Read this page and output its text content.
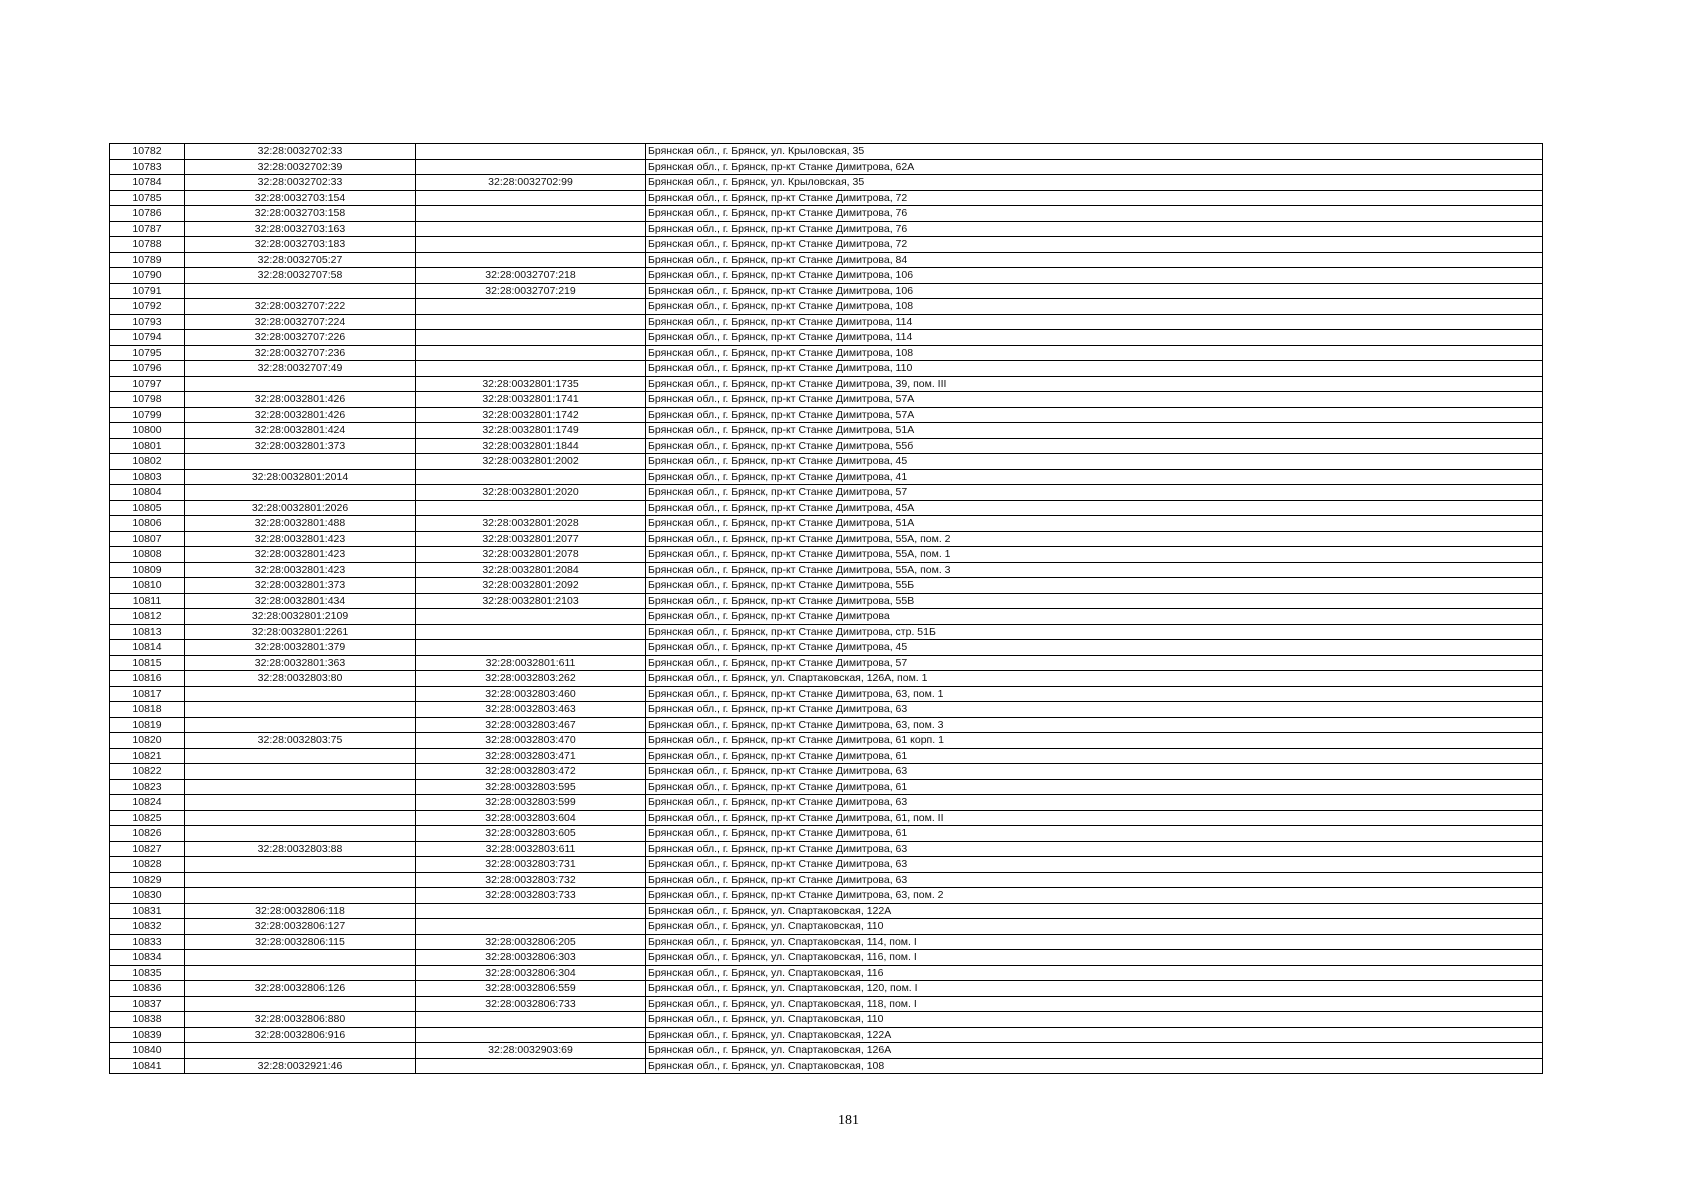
10782	32:28:0032702:33		Брянская обл., г. Брянск, ул. Крыловская, 35
10783	32:28:0032702:39		Брянская обл., г. Брянск, пр-кт Станке Димитрова, 62А
10784	32:28:0032702:33	32:28:0032702:99	Брянская обл., г. Брянск, ул. Крыловская, 35
10785	32:28:0032703:154		Брянская обл., г. Брянск, пр-кт Станке Димитрова, 72
10786	32:28:0032703:158		Брянская обл., г. Брянск, пр-кт Станке Димитрова, 76
10787	32:28:0032703:163		Брянская обл., г. Брянск, пр-кт Станке Димитрова, 76
10788	32:28:0032703:183		Брянская обл., г. Брянск, пр-кт Станке Димитрова, 72
10789	32:28:0032705:27		Брянская обл., г. Брянск, пр-кт Станке Димитрова, 84
10790	32:28:0032707:58	32:28:0032707:218	Брянская обл., г. Брянск, пр-кт Станке Димитрова, 106
10791		32:28:0032707:219	Брянская обл., г. Брянск, пр-кт Станке Димитрова, 106
10792	32:28:0032707:222		Брянская обл., г. Брянск, пр-кт Станке Димитрова, 108
10793	32:28:0032707:224		Брянская обл., г. Брянск, пр-кт Станке Димитрова, 114
10794	32:28:0032707:226		Брянская обл., г. Брянск, пр-кт Станке Димитрова, 114
10795	32:28:0032707:236		Брянская обл., г. Брянск, пр-кт Станке Димитрова, 108
10796	32:28:0032707:49		Брянская обл., г. Брянск, пр-кт Станке Димитрова, 110
10797		32:28:0032801:1735	Брянская обл., г. Брянск, пр-кт Станке Димитрова, 39, пом. III
10798	32:28:0032801:426	32:28:0032801:1741	Брянская обл., г. Брянск, пр-кт Станке Димитрова, 57А
10799	32:28:0032801:426	32:28:0032801:1742	Брянская обл., г. Брянск, пр-кт Станке Димитрова, 57А
10800	32:28:0032801:424	32:28:0032801:1749	Брянская обл., г. Брянск, пр-кт Станке Димитрова, 51А
10801	32:28:0032801:373	32:28:0032801:1844	Брянская обл., г. Брянск, пр-кт Станке Димитрова, 55б
10802		32:28:0032801:2002	Брянская обл., г. Брянск, пр-кт Станке Димитрова, 45
10803	32:28:0032801:2014		Брянская обл., г. Брянск, пр-кт Станке Димитрова, 41
10804		32:28:0032801:2020	Брянская обл., г. Брянск, пр-кт Станке Димитрова, 57
10805	32:28:0032801:2026		Брянская обл., г. Брянск, пр-кт Станке Димитрова, 45А
10806	32:28:0032801:488	32:28:0032801:2028	Брянская обл., г. Брянск, пр-кт Станке Димитрова, 51А
10807	32:28:0032801:423	32:28:0032801:2077	Брянская обл., г. Брянск, пр-кт Станке Димитрова, 55А, пом. 2
10808	32:28:0032801:423	32:28:0032801:2078	Брянская обл., г. Брянск, пр-кт Станке Димитрова, 55А, пом. 1
10809	32:28:0032801:423	32:28:0032801:2084	Брянская обл., г. Брянск, пр-кт Станке Димитрова, 55А, пом. 3
10810	32:28:0032801:373	32:28:0032801:2092	Брянская обл., г. Брянск, пр-кт Станке Димитрова, 55Б
10811	32:28:0032801:434	32:28:0032801:2103	Брянская обл., г. Брянск, пр-кт Станке Димитрова, 55В
10812	32:28:0032801:2109		Брянская обл., г. Брянск, пр-кт Станке Димитрова
10813	32:28:0032801:2261		Брянская обл., г. Брянск, пр-кт Станке Димитрова, стр. 51Б
10814	32:28:0032801:379		Брянская обл., г. Брянск, пр-кт Станке Димитрова, 45
10815	32:28:0032801:363	32:28:0032801:611	Брянская обл., г. Брянск, пр-кт Станке Димитрова, 57
10816	32:28:0032803:80	32:28:0032803:262	Брянская обл., г. Брянск, ул. Спартаковская, 126А, пом. 1
10817		32:28:0032803:460	Брянская обл., г. Брянск, пр-кт Станке Димитрова, 63, пом. 1
10818		32:28:0032803:463	Брянская обл., г. Брянск, пр-кт Станке Димитрова, 63
10819		32:28:0032803:467	Брянская обл., г. Брянск, пр-кт Станке Димитрова, 63, пом. 3
10820	32:28:0032803:75	32:28:0032803:470	Брянская обл., г. Брянск, пр-кт Станке Димитрова, 61 корп. 1
10821		32:28:0032803:471	Брянская обл., г. Брянск, пр-кт Станке Димитрова, 61
10822		32:28:0032803:472	Брянская обл., г. Брянск, пр-кт Станке Димитрова, 63
10823		32:28:0032803:595	Брянская обл., г. Брянск, пр-кт Станке Димитрова, 61
10824		32:28:0032803:599	Брянская обл., г. Брянск, пр-кт Станке Димитрова, 63
10825		32:28:0032803:604	Брянская обл., г. Брянск, пр-кт Станке Димитрова, 61, пом. II
10826		32:28:0032803:605	Брянская обл., г. Брянск, пр-кт Станке Димитрова, 61
10827	32:28:0032803:88	32:28:0032803:611	Брянская обл., г. Брянск, пр-кт Станке Димитрова, 63
10828		32:28:0032803:731	Брянская обл., г. Брянск, пр-кт Станке Димитрова, 63
10829		32:28:0032803:732	Брянская обл., г. Брянск, пр-кт Станке Димитрова, 63
10830		32:28:0032803:733	Брянская обл., г. Брянск, пр-кт Станке Димитрова, 63, пом. 2
10831	32:28:0032806:118		Брянская обл., г. Брянск, ул. Спартаковская, 122А
10832	32:28:0032806:127		Брянская обл., г. Брянск, ул. Спартаковская, 110
10833	32:28:0032806:115	32:28:0032806:205	Брянская обл., г. Брянск, ул. Спартаковская, 114, пом. I
10834		32:28:0032806:303	Брянская обл., г. Брянск, ул. Спартаковская, 116, пом. I
10835		32:28:0032806:304	Брянская обл., г. Брянск, ул. Спартаковская, 116
10836	32:28:0032806:126	32:28:0032806:559	Брянская обл., г. Брянск, ул. Спартаковская, 120, пом. I
10837		32:28:0032806:733	Брянская обл., г. Брянск, ул. Спартаковская, 118, пом. I
10838	32:28:0032806:880		Брянская обл., г. Брянск, ул. Спартаковская, 110
10839	32:28:0032806:916		Брянская обл., г. Брянск, ул. Спартаковская, 122А
10840		32:28:0032903:69	Брянская обл., г. Брянск, ул. Спартаковская, 126А
10841	32:28:0032921:46		Брянская обл., г. Брянск, ул. Спартаковская, 108
181
